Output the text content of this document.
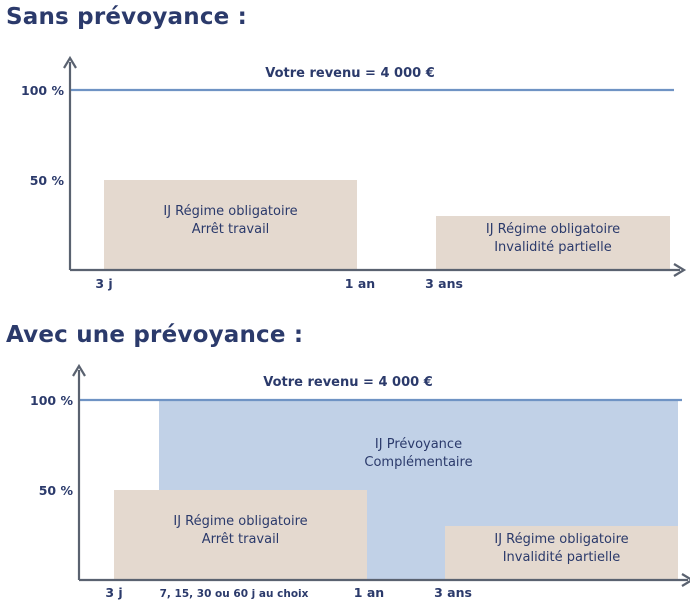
Sans prévoyance :
IJ Régime obligatoire
Arrêt travail	IJ Régime obligatoire
Invalidité partielle
Votre revenu = 4 000 €
100 %
50 %
3 j	1 an	3 ans
Avec une prévoyance :
IJ Prévoyance
Complémentaire
IJ Régime obligatoire
Arrêt travail	IJ Régime obligatoire
Invalidité partielle
Votre revenu = 4 000 €
100 %
50 %
3 j	7, 15, 30 ou 60 j au choix	1 an	3 ans
